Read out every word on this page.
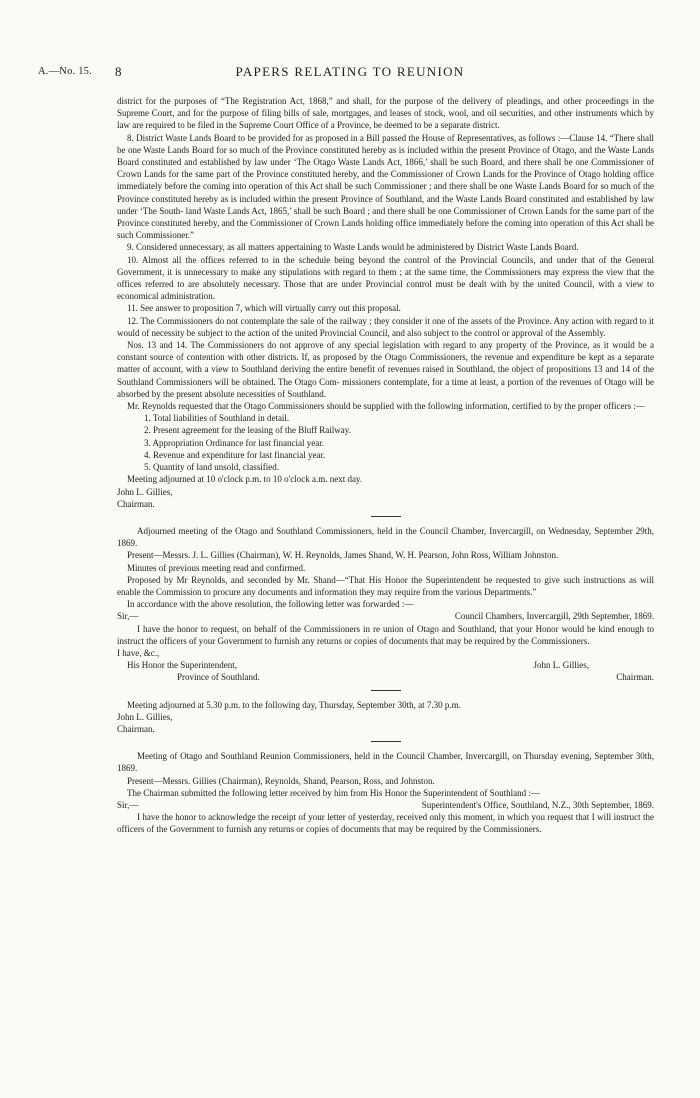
A.—No. 15. 8	PAPERS RELATING TO REUNION

district for the purposes of “The Registration Act, 1868,” and shall, for the purpose of the delivery of pleadings, and other proceedings in the Supreme Court, and for the purpose of filing bills of sale, mortgages, and leases of stock, wool, and oil securities, and other instruments which by law are required to be filed in the Supreme Court Office of a Province, be deemed to be a separate district.

8. District Waste Lands Board to be provided for as proposed in a Bill passed the House of Representatives, as follows :—Clause 14. “There shall be one Waste Lands Board for so much of the Province constituted hereby as is included within the present Province of Otago, and the Waste Lands Board constituted and established by law under ‘The Otago Waste Lands Act, 1866,’ shall be such Board, and there shall be one Commissioner of Crown Lands for the same part of the Province constituted hereby, and the Commissioner of Crown Lands for the Province of Otago holding office immediately before the coming into operation of this Act shall be such Commissioner ; and there shall be one Waste Lands Board for so much of the Province constituted hereby as is included within the present Province of Southland, and the Waste Lands Board constituted and established by law under ‘The South- land Waste Lands Act, 1865,’ shall be such Board ; and there shall be one Commissioner of Crown Lands for the same part of the Province constituted hereby, and the Commissioner of Crown Lands holding office immediately before the coming into operation of this Act shall be such Commissioner.”

9. Considered unnecessary, as all matters appertaining to Waste Lands would be administered by District Waste Lands Board.

10. Almost all the offices referred to in the schedule being beyond the control of the Provincial Councils, and under that of the General Government, it is unnecessary to make any stipulations with regard to them ; at the same time, the Commissioners may express the view that the offices referred to are absolutely necessary. Those that are under Provincial control must be dealt with by the united Council, with a view to economical administration.

11. See answer to proposition 7, which will virtually carry out this proposal.

12. The Commissioners do not contemplate the sale of the railway ; they consider it one of the assets of the Province. Any action with regard to it would of necessity be subject to the action of the united Provincial Council, and also subject to the control or approval of the Assembly.

Nos. 13 and 14. The Commissioners do not approve of any special legislation with regard to any property of the Province, as it would be a constant source of contention with other districts. If, as proposed by the Otago Commissioners, the revenue and expenditure be kept as a separate matter of account, with a view to Southland deriving the entire benefit of revenues raised in Southland, the object of propositions 13 and 14 of the Southland Commissioners will be obtained. The Otago Com- missioners contemplate, for a time at least, a portion of the revenues of Otago will be absorbed by the present absolute necessities of Southland.

Mr. Reynolds requested that the Otago Commissioners should be supplied with the following information, certified to by the proper officers :—

1. Total liabilities of Southland in detail.

2. Present agreement for the leasing of the Bluff Railway.

3. Appropriation Ordinance for last financial year.

4. Revenue and expenditure for last financial year.

5. Quantity of land unsold, classified.

Meeting adjourned at 10 o'clock p.m. to 10 o'clock a.m. next day.

John L. Gillies,

Chairman.

Adjourned meeting of the Otago and Southland Commissioners, held in the Council Chamber, Invercargill, on Wednesday, September 29th, 1869.

Present—Messrs. J. L. Gillies (Chairman), W. H. Reynolds, James Shand, W. H. Pearson, John Ross, William Johnston.

Minutes of previous meeting read and confirmed.

Proposed by Mr Reynolds, and seconded by Mr. Shand—“That His Honor the Superintendent be requested to give such instructions as will enable the Commission to procure any documents and information they may require from the various Departments.”

In accordance with the above resolution, the following letter was forwarded :—

Sir,—	Council Chambers, Invercargill, 29th September, 1869.

I have the honor to request, on behalf of the Commissioners in re union of Otago and Southland, that your Honor would be kind enough to instruct the officers of your Government to furnish any returns or copies of documents that may be required by the Commissioners.

I have, &c.,

His Honor the Superintendent,	John L. Gillies,
Province of Southland.	Chairman.

Meeting adjourned at 5.30 p.m. to the following day, Thursday, September 30th, at 7.30 p.m.

John L. Gillies,

Chairman.

Meeting of Otago and Southland Reunion Commissioners, held in the Council Chamber, Invercargill, on Thursday evening, September 30th, 1869.

Present—Messrs. Gillies (Chairman), Reynolds, Shand, Pearson, Ross, and Johnston.

The Chairman submitted the following letter received by him from His Honor the Superintendent of Southland :—

Sir,—	Superintendent's Office, Southland, N.Z., 30th September, 1869.

I have the honor to acknowledge the receipt of your letter of yesterday, received only this moment, in which you request that I will instruct the officers of the Government to furnish any returns or copies of documents that may be required by the Commissioners.
